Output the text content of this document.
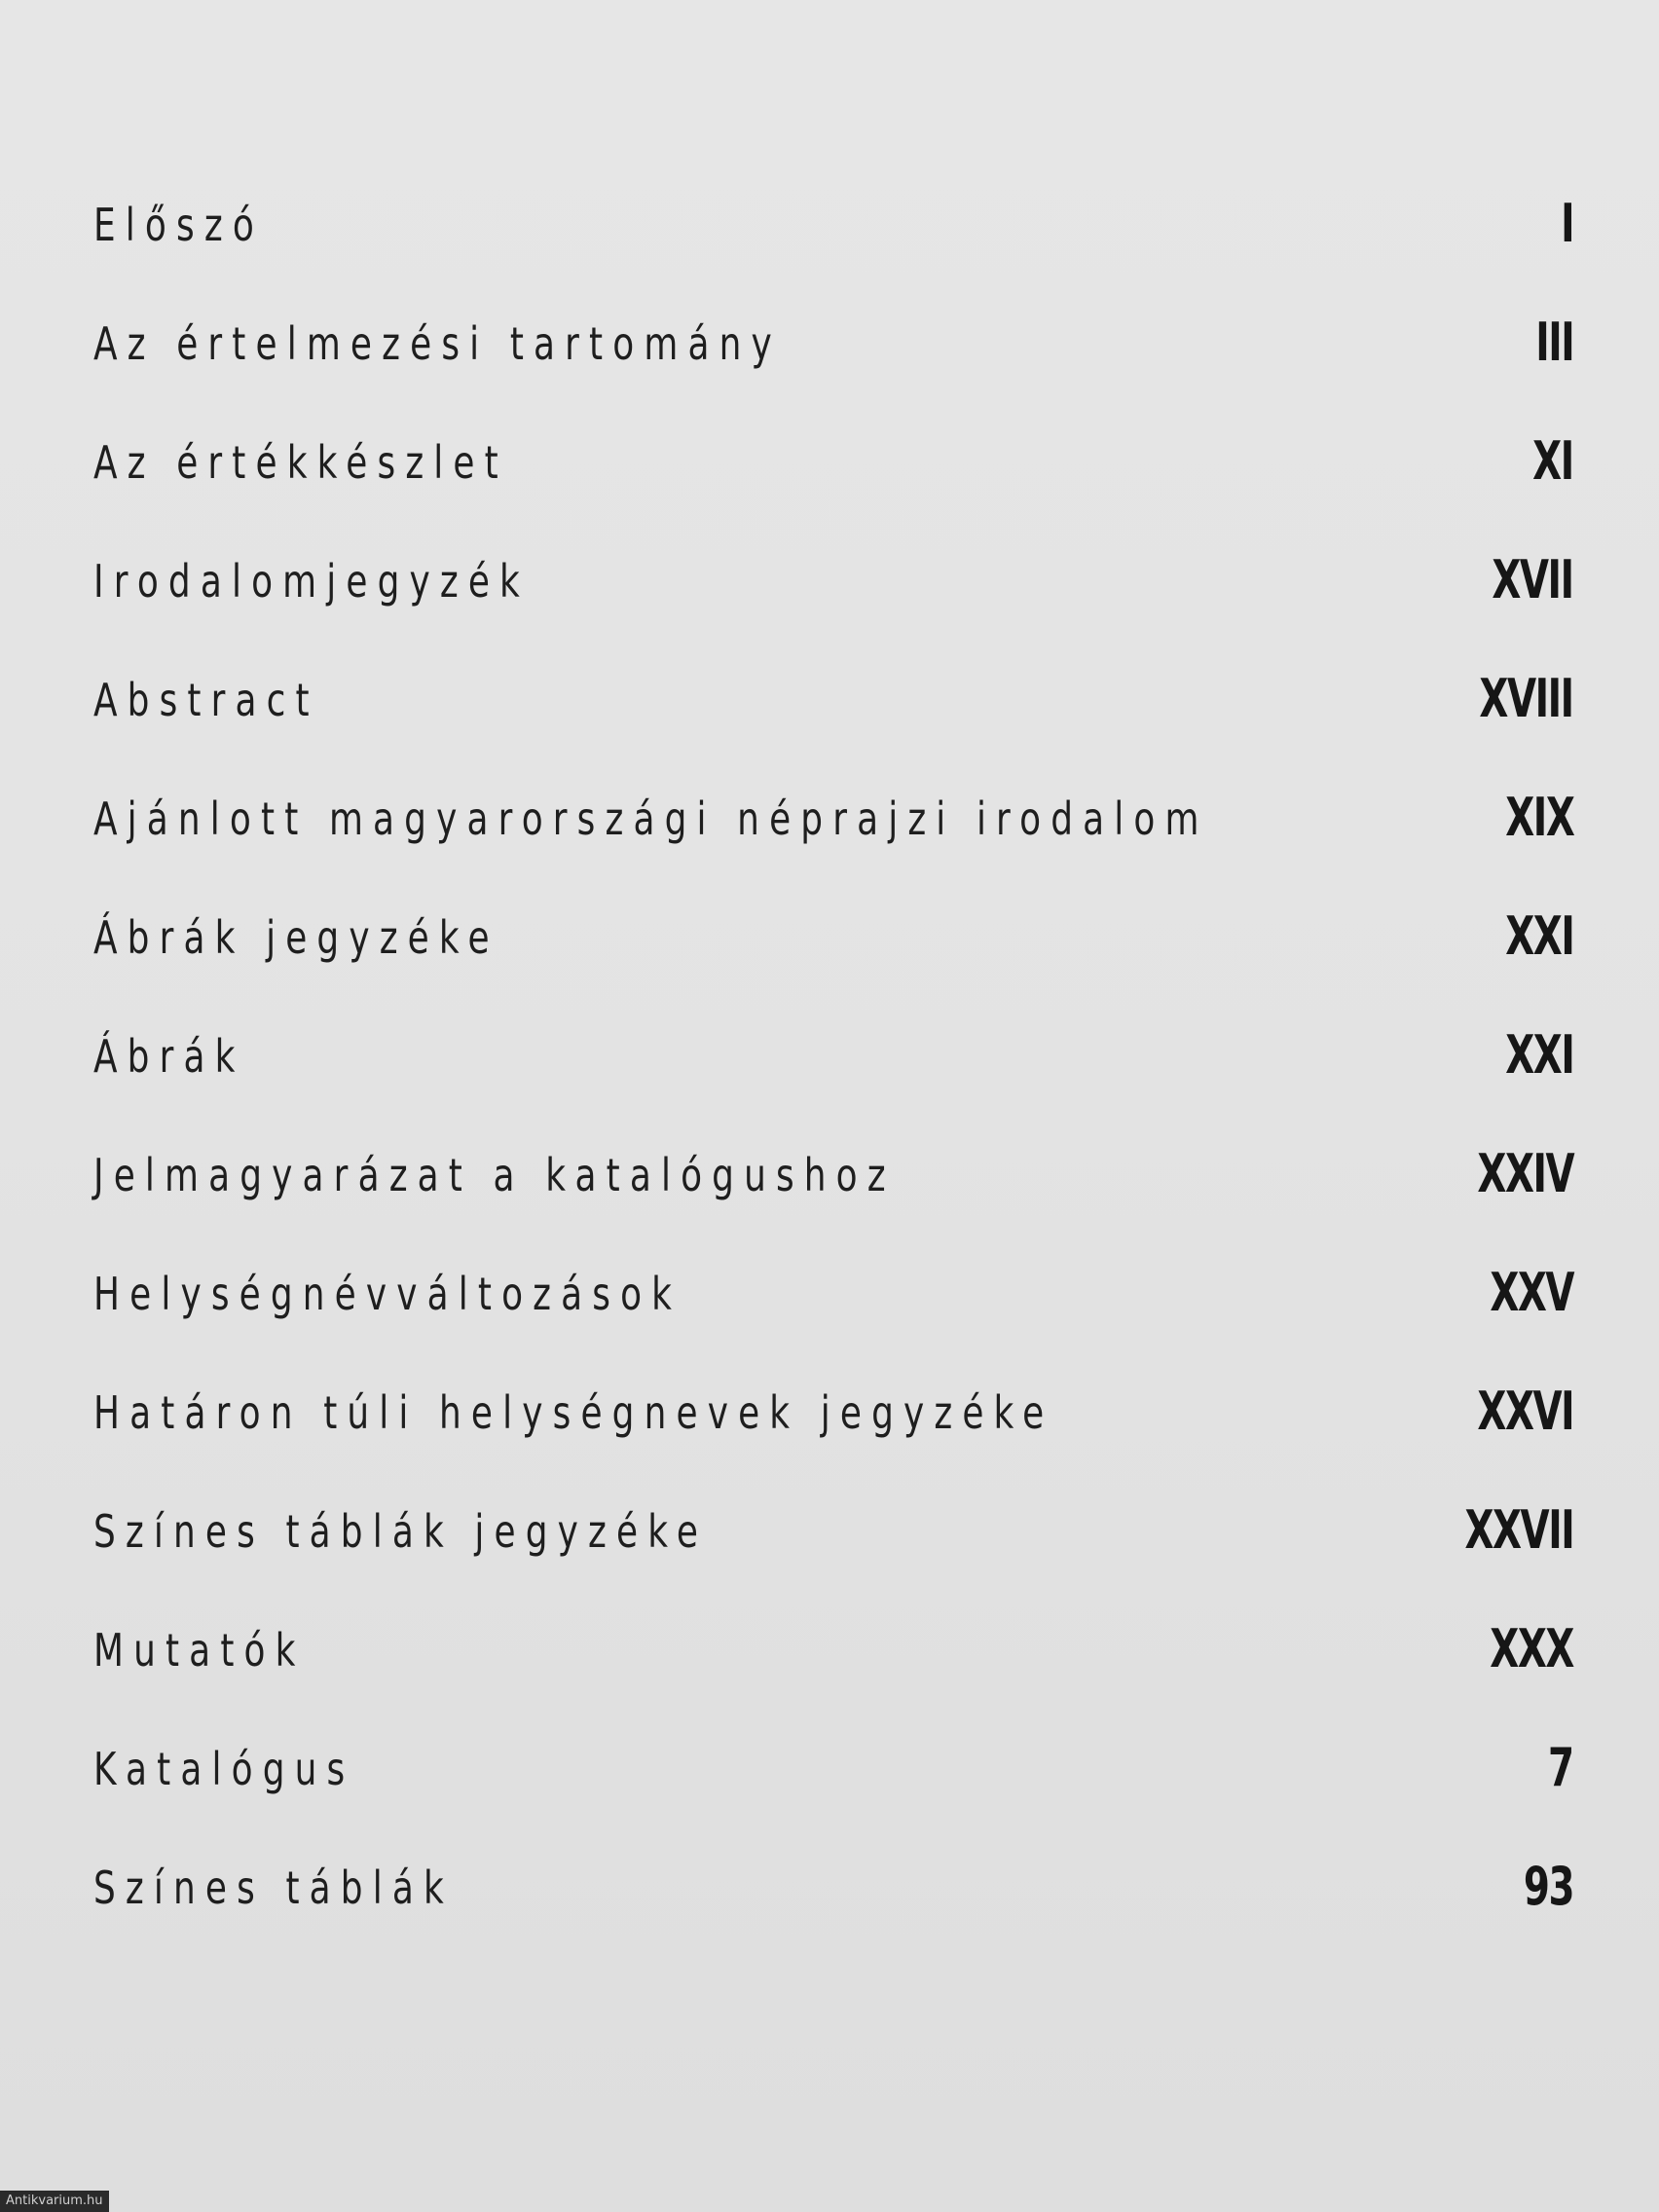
Előszó	I
Az értelmezési tartomány	III
Az értékkészlet	XI
Irodalomjegyzék	XVII
Abstract	XVIII
Ajánlott magyarországi néprajzi irodalom	XIX
Ábrák jegyzéke	XXI
Ábrák	XXI
Jelmagyarázat a katalógushoz	XXIV
Helységnévváltozások	XXV
Határon túli helységnevek jegyzéke	XXVI
Színes táblák jegyzéke	XXVII
Mutatók	XXX
Katalógus	7
Színes táblák	93
Antikvarium.hu
